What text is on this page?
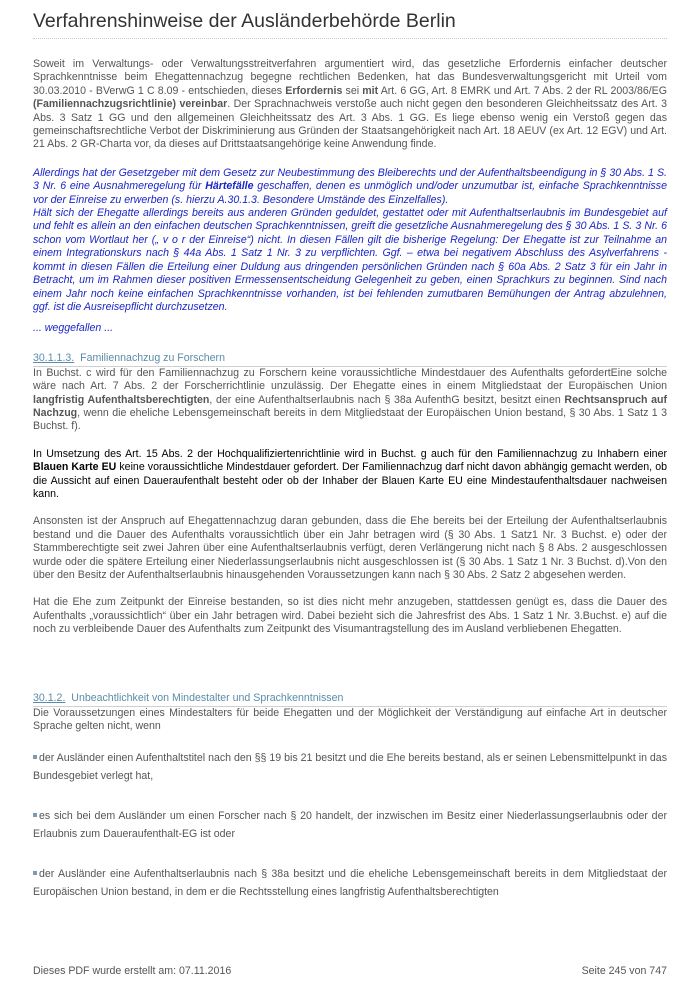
Verfahrenshinweise der Ausländerbehörde Berlin

Soweit im Verwaltungs- oder Verwaltungsstreitverfahren argumentiert wird, das gesetzliche Erfordernis einfacher deutscher Sprachkenntnisse beim Ehegattennachzug begegne rechtlichen Bedenken, hat das Bundesverwaltungsgericht mit Urteil vom 30.03.2010 - BVerwG 1 C 8.09 - entschieden, dieses Erfordernis sei mit Art. 6 GG, Art. 8 EMRK und Art. 7 Abs. 2 der RL 2003/86/EG (Familiennachzugsrichtlinie) vereinbar. Der Sprachnachweis verstoße auch nicht gegen den besonderen Gleichheitssatz des Art. 3 Abs. 3 Satz 1 GG und den allgemeinen Gleichheitssatz des Art. 3 Abs. 1 GG. Es liege ebenso wenig ein Verstoß gegen das gemeinschaftsrechtliche Verbot der Diskriminierung aus Gründen der Staatsangehörigkeit nach Art. 18 AEUV (ex Art. 12 EGV) und Art. 21 Abs. 2 GR-Charta vor, da dieses auf Drittstaatsangehörige keine Anwendung finde.

Allerdings hat der Gesetzgeber mit dem Gesetz zur Neubestimmung des Bleiberechts und der Aufenthaltsbeendigung in § 30 Abs. 1 S. 3 Nr. 6 eine Ausnahmeregelung für Härtefälle geschaffen, denen es unmöglich und/oder unzumutbar ist, einfache Sprachkenntnisse vor der Einreise zu erwerben (s. hierzu A.30.1.3. Besondere Umstände des Einzelfalles).

Hält sich der Ehegatte allerdings bereits aus anderen Gründen geduldet, gestattet oder mit Aufenthaltserlaubnis im Bundesgebiet auf und fehlt es allein an den einfachen deutschen Sprachkenntnissen, greift die gesetzliche Ausnahmeregelung des § 30 Abs. 1 S. 3 Nr. 6 schon vom Wortlaut her („ v o r der Einreise“) nicht. In diesen Fällen gilt die bisherige Regelung: Der Ehegatte ist zur Teilnahme an einem Integrationskurs nach § 44a Abs. 1 Satz 1 Nr. 3 zu verpflichten. Ggf. – etwa bei negativem Abschluss des Asylverfahrens - kommt in diesen Fällen die Erteilung einer Duldung aus dringenden persönlichen Gründen nach § 60a Abs. 2 Satz 3 für ein Jahr in Betracht, um im Rahmen dieser positiven Ermessensentscheidung Gelegenheit zu geben, einen Sprachkurs zu beginnen. Sind nach einem Jahr noch keine einfachen Sprachkenntnisse vorhanden, ist bei fehlenden zumutbaren Bemühungen der Antrag abzulehnen, ggf. ist die Ausreisepflicht durchzusetzen.

... weggefallen ...

30.1.1.3. Familiennachzug zu Forschern

In Buchst. c wird für den Familiennachzug zu Forschern keine voraussichtliche Mindestdauer des Aufenthalts gefordertEine solche wäre nach Art. 7 Abs. 2 der Forscherrichtlinie unzulässig. Der Ehegatte eines in einem Mitgliedstaat der Europäischen Union langfristig Aufenthaltsberechtigten, der eine Aufenthaltserlaubnis nach § 38a AufenthG besitzt, besitzt einen Rechtsanspruch auf Nachzug, wenn die eheliche Lebensgemeinschaft bereits in dem Mitgliedstaat der Europäischen Union bestand, § 30 Abs. 1 Satz 1 3 Buchst. f).

In Umsetzung des Art. 15 Abs. 2 der Hochqualifiziertenrichtlinie wird in Buchst. g auch für den Familiennachzug zu Inhabern einer Blauen Karte EU keine voraussichtliche Mindestdauer gefordert. Der Familiennachzug darf nicht davon abhängig gemacht werden, ob die Aussicht auf einen Daueraufenthalt besteht oder ob der Inhaber der Blauen Karte EU eine Mindestaufenthaltsdauer nachweisen kann.

Ansonsten ist der Anspruch auf Ehegattennachzug daran gebunden, dass die Ehe bereits bei der Erteilung der Aufenthaltserlaubnis bestand und die Dauer des Aufenthalts voraussichtlich über ein Jahr betragen wird (§ 30 Abs. 1 Satz1 Nr. 3 Buchst. e) oder der Stammberechtigte seit zwei Jahren über eine Aufenthaltserlaubnis verfügt, deren Verlängerung nicht nach § 8 Abs. 2 ausgeschlossen wurde oder die spätere Erteilung einer Niederlassungserlaubnis nicht ausgeschlossen ist (§ 30 Abs. 1 Satz 1 Nr. 3 Buchst. d).Von den über den Besitz der Aufenthaltserlaubnis hinausgehenden Voraussetzungen kann nach § 30 Abs. 2 Satz 2 abgesehen werden.

Hat die Ehe zum Zeitpunkt der Einreise bestanden, so ist dies nicht mehr anzugeben, stattdessen genügt es, dass die Dauer des Aufenthalts „voraussichtlich“ über ein Jahr betragen wird. Dabei bezieht sich die Jahresfrist des Abs. 1 Satz 1 Nr. 3.Buchst. e) auf die noch zu verbleibende Dauer des Aufenthalts zum Zeitpunkt des Visumantragstellung des im Ausland verbliebenen Ehegatten.

30.1.2. Unbeachtlichkeit von Mindestalter und Sprachkenntnissen

Die Voraussetzungen eines Mindestalters für beide Ehegatten und der Möglichkeit der Verständigung auf einfache Art in deutscher Sprache gelten nicht, wenn

der Ausländer einen Aufenthaltstitel nach den §§ 19 bis 21 besitzt und die Ehe bereits bestand, als er seinen Lebensmittelpunkt in das Bundesgebiet verlegt hat,

es sich bei dem Ausländer um einen Forscher nach § 20 handelt, der inzwischen im Besitz einer Niederlassungserlaubnis oder der Erlaubnis zum Daueraufenthalt-EG ist oder

der Ausländer eine Aufenthaltserlaubnis nach § 38a besitzt und die eheliche Lebensgemeinschaft bereits in dem Mitgliedstaat der Europäischen Union bestand, in dem er die Rechtsstellung eines langfristig Aufenthaltsberechtigten

Dieses PDF wurde erstellt am: 07.11.2016	Seite 245 von 747
